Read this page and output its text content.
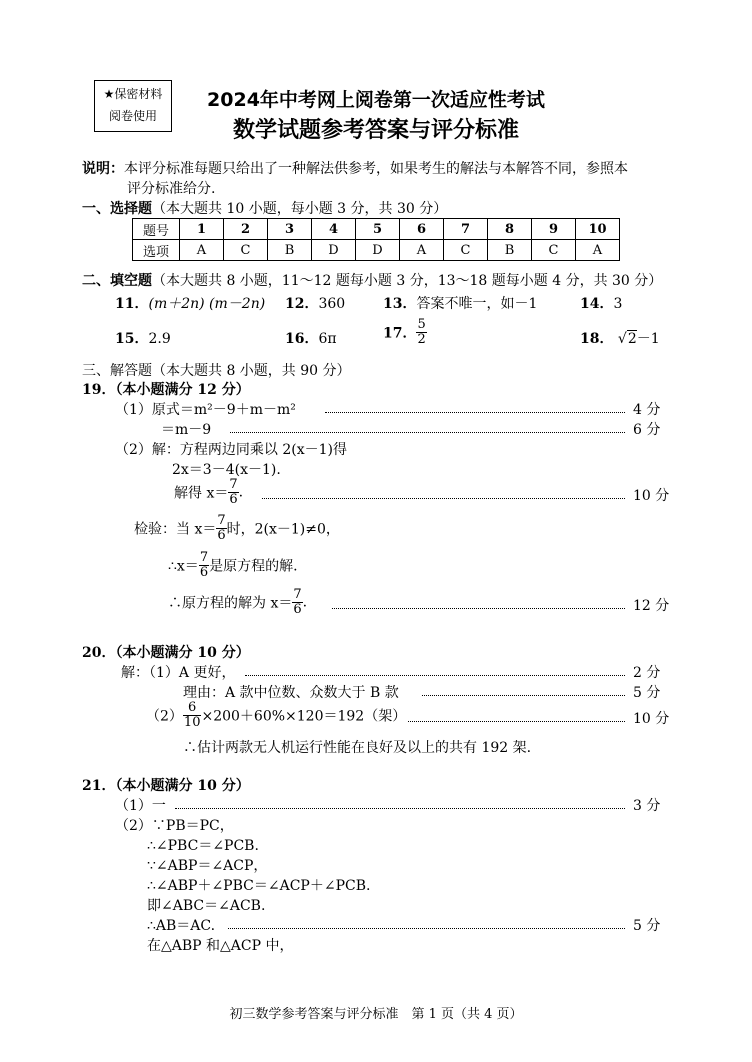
★保密材料
阅卷使用
2024年中考网上阅卷第一次适应性考试
数学试题参考答案与评分标准
说明：本评分标准每题只给出了一种解法供参考，如果考生的解法与本解答不同，参照本
评分标准给分.
一、选择题（本大题共 10 小题，每小题 3 分，共 30 分）
题号	1	2	3	4	5	6	7	8	9	10
选项	A	C	B	D	D	A	C	B	C	A
二、填空题（本大题共 8 小题，11～12 题每小题 3 分，13～18 题每小题 4 分，共 30 分）
11．(m＋2n) (m－2n) 12．360	13．答案不唯一，如－1	14．3
15．2.9	16．6π	17． $\frac{5}{2}$	18． √2－1
三、解答题（本大题共 8 小题，共 90 分）
19．（本小题满分 12 分）
（1）原式＝m²－9＋m－m²	4 分
＝m－9	6 分
（2）解：方程两边同乘以 2(x－1)得
2x＝3－4(x－1).
解得 $x= \frac{7}{6}$ .	10 分
检验：当 $x= \frac{7}{6}$ 时，2(x－1)≠0，
∴x＝ $\frac{7}{6}$ 是原方程的解.
∴原方程的解为 $x= \frac{7}{6}$ .	12 分
20．（本小题满分 10 分）
解：（1）A 更好，	2 分
理由：A 款中位数、众数大于 B 款	5 分
$(2) \frac{6}{10} \times 200+60\%\times 120=192$（架）	10 分
∴估计两款无人机运行性能在良好及以上的共有 192 架.
21．（本小题满分 10 分）
（1）一	3 分
（2）∵PB＝PC，
∴∠PBC＝∠PCB.
∵∠ABP＝∠ACP，
∴∠ABP＋∠PBC＝∠ACP＋∠PCB.
即∠ABC＝∠ACB.
∴AB＝AC.	5 分
在△ABP 和△ACP 中，
初三数学参考答案与评分标准　第 1 页（共 4 页）
